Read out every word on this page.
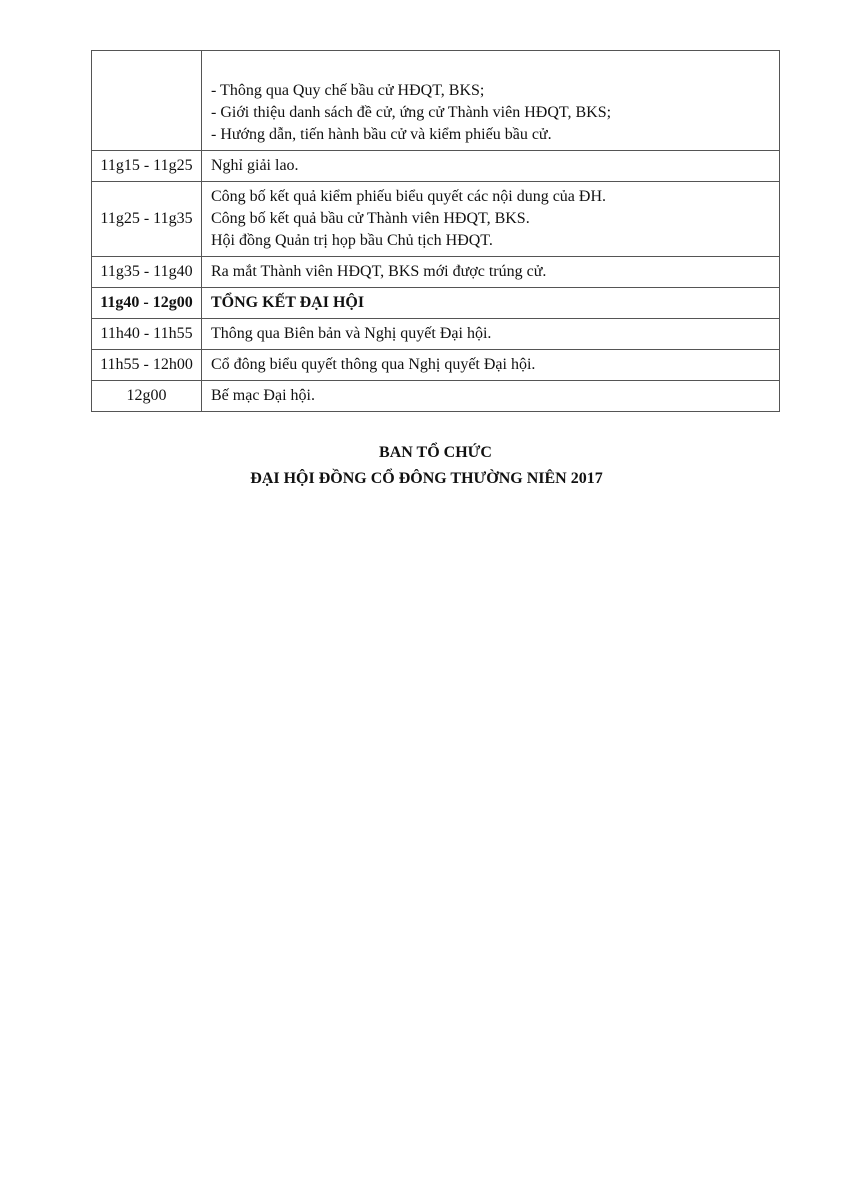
	- Thông qua Quy chế bầu cử HĐQT, BKS;
- Giới thiệu danh sách đề cử, ứng cử Thành viên HĐQT, BKS;
- Hướng dẫn, tiến hành bầu cử và kiểm phiếu bầu cử.

11g15 - 11g25	Nghỉ giải lao.

11g25 - 11g35	Công bố kết quả kiểm phiếu biểu quyết các nội dung của ĐH.
Công bố kết quả bầu cử Thành viên HĐQT, BKS.
Hội đồng Quản trị họp bầu Chủ tịch HĐQT.

11g35 - 11g40	Ra mắt Thành viên HĐQT, BKS mới được trúng cử.

11g40 - 12g00	TỔNG KẾT ĐẠI HỘI

11h40 - 11h55	Thông qua Biên bản và Nghị quyết Đại hội.

11h55 - 12h00	Cổ đông biểu quyết thông qua Nghị quyết Đại hội.

12g00	Bế mạc Đại hội.
BAN TỔ CHỨC
ĐẠI HỘI ĐỒNG CỔ ĐÔNG THƯỜNG NIÊN 2017
